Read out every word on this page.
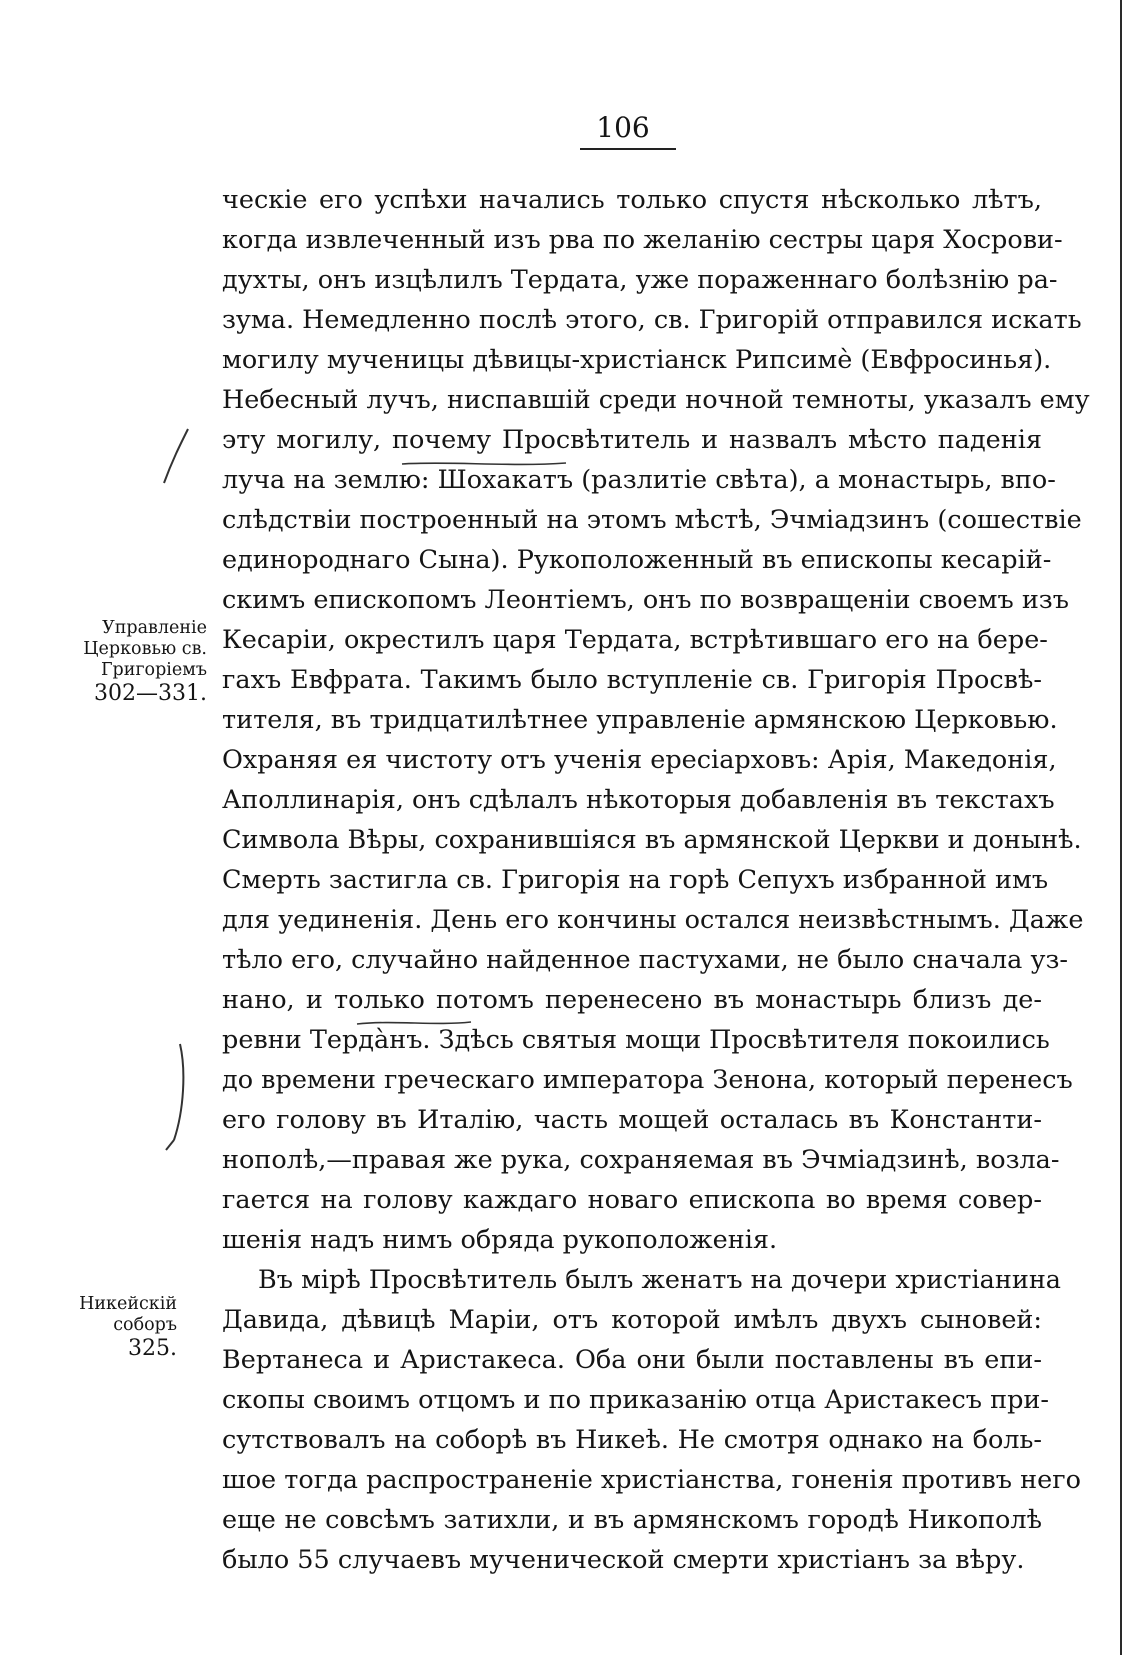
106
ческіе его успѣхи начались только спустя нѣсколько лѣтъ,
когда извлеченный изъ рва по желанію сестры царя Хосрови-
духты, онъ изцѣлилъ Тердата, уже пораженнаго болѣзнію ра-
зума. Немедленно послѣ этого, св. Григорій отправился искать
могилу мученицы дѣвицы-христіанск Рипсимѐ (Евфросинья).
Небесный лучъ, ниспавшій среди ночной темноты, указалъ ему
эту могилу, почему Просвѣтитель и назвалъ мѣсто паденія
луча на землю: Шохакатъ (разлитіе свѣта), а монастырь, впо-
слѣдствіи построенный на этомъ мѣстѣ, Эчміадзинъ (сошествіе
единороднаго Сына). Рукоположенный въ епископы кесарій-
скимъ епископомъ Леонтіемъ, онъ по возвращеніи своемъ изъ
Кесаріи, окрестилъ царя Тердата, встрѣтившаго его на бере-
гахъ Евфрата. Такимъ было вступленіе св. Григорія Просвѣ-
тителя, въ тридцатилѣтнее управленіе армянскою Церковью.
Охраняя ея чистоту отъ ученія ересіарховъ: Арія, Македонія,
Аполлинарія, онъ сдѣлалъ нѣкоторыя добавленія въ текстахъ
Символа Вѣры, сохранившіяся въ армянской Церкви и донынѣ.
Смерть застигла св. Григорія на горѣ Сепухъ избранной имъ
для уединенія. День его кончины остался неизвѣстнымъ. Даже
тѣло его, случайно найденное пастухами, не было сначала уз-
нано, и только потомъ перенесено въ монастырь близъ де-
ревни Тердàнъ. Здѣсь святыя мощи Просвѣтителя покоились
до времени греческаго императора Зенона, который перенесъ
его голову въ Италію, часть мощей осталась въ Константи-
нополѣ,—правая же рука, сохраняемая въ Эчміадзинѣ, возла-
гается на голову каждаго новаго епископа во время совер-
шенія надъ нимъ обряда рукоположенія.
Въ мірѣ Просвѣтитель былъ женатъ на дочери христіанина
Давида, дѣвицѣ Маріи, отъ которой имѣлъ двухъ сыновей:
Вертанеса и Аристакеса. Оба они были поставлены въ епи-
скопы своимъ отцомъ и по приказанію отца Аристакесъ при-
сутствовалъ на соборѣ въ Никеѣ. Не смотря однако на боль-
шое тогда распространеніе христіанства, гоненія противъ него
еще не совсѣмъ затихли, и въ армянскомъ городѣ Никополѣ
было 55 случаевъ мученической смерти христіанъ за вѣру.
Управленіе
Церковью св.
Григоріемъ
302—331.
Никейскій
соборъ
325.
